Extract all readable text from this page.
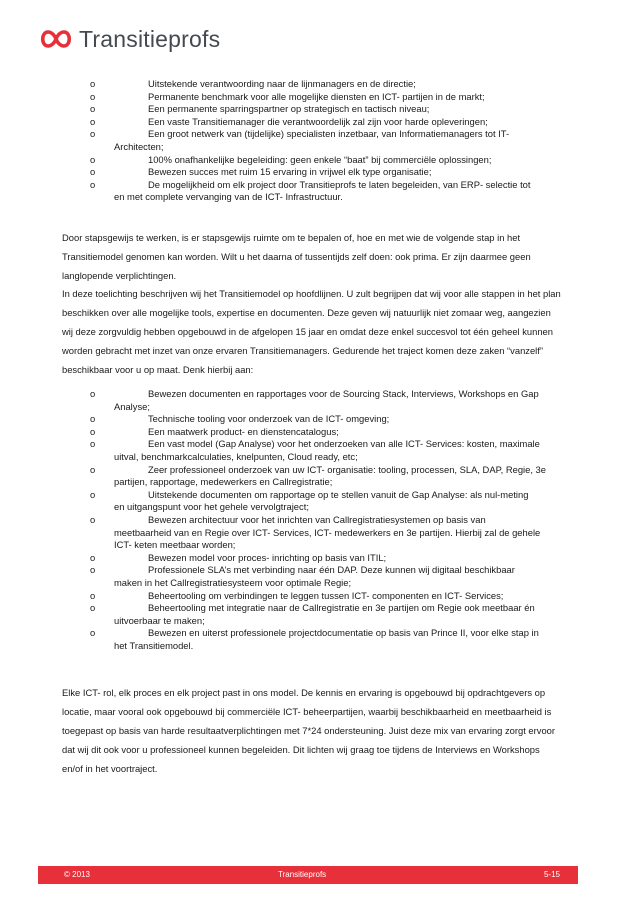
Transitieprofs
o	Uitstekende verantwoording naar de lijnmanagers en de directie;
o	Permanente benchmark voor alle mogelijke diensten en ICT- partijen in de markt;
o	Een permanente sparringspartner op strategisch en tactisch niveau;
o	Een vaste Transitiemanager die verantwoordelijk zal zijn voor harde opleveringen;
o	Een groot netwerk van (tijdelijke) specialisten inzetbaar, van Informatiemanagers tot IT-
Architecten;
o	100% onafhankelijke begeleiding: geen enkele “baat” bij commerciële oplossingen;
o	Bewezen succes met ruim 15 ervaring in vrijwel elk type organisatie;
o	De mogelijkheid om elk project door Transitieprofs te laten begeleiden, van ERP- selectie tot
en met complete vervanging van de ICT- Infrastructuur.

Door stapsgewijs te werken, is er stapsgewijs ruimte om te bepalen of, hoe en met wie de volgende stap in het Transitiemodel genomen kan worden. Wilt u het daarna of tussentijds zelf doen: ook prima. Er zijn daarmee geen langlopende verplichtingen.

In deze toelichting beschrijven wij het Transitiemodel op hoofdlijnen. U zult begrijpen dat wij voor alle stappen in het plan beschikken over alle mogelijke tools, expertise en documenten. Deze geven wij natuurlijk niet zomaar weg, aangezien wij deze zorgvuldig hebben opgebouwd in de afgelopen 15 jaar en omdat deze enkel succesvol tot één geheel kunnen worden gebracht met inzet van onze ervaren Transitiemanagers. Gedurende het traject komen deze zaken “vanzelf” beschikbaar voor u op maat. Denk hierbij aan:

o	Bewezen documenten en rapportages voor de Sourcing Stack, Interviews, Workshops en Gap
Analyse;
o	Technische tooling voor onderzoek van de ICT- omgeving;
o	Een maatwerk product- en dienstencatalogus;
o	Een vast model (Gap Analyse) voor het onderzoeken van alle ICT- Services: kosten, maximale
uitval, benchmarkcalculaties, knelpunten, Cloud ready, etc;
o	Zeer professioneel onderzoek van uw ICT- organisatie: tooling, processen, SLA, DAP, Regie, 3e
partijen, rapportage, medewerkers en Callregistratie;
o	Uitstekende documenten om rapportage op te stellen vanuit de Gap Analyse: als nul-meting
en uitgangspunt voor het gehele vervolgtraject;
o	Bewezen architectuur voor het inrichten van Callregistratiesystemen op basis van
meetbaarheid van en Regie over ICT- Services, ICT- medewerkers en 3e partijen. Hierbij zal de gehele ICT- keten meetbaar worden;
o	Bewezen model voor proces- inrichting op basis van ITIL;
o	Professionele SLA’s met verbinding naar één DAP. Deze kunnen wij digitaal beschikbaar
maken in het Callregistratiesysteem voor optimale Regie;
o	Beheertooling om verbindingen te leggen tussen ICT- componenten en ICT- Services;
o	Beheertooling met integratie naar de Callregistratie en 3e partijen om Regie ook meetbaar én
uitvoerbaar te maken;
o	Bewezen en uiterst professionele projectdocumentatie op basis van Prince II, voor elke stap in
het Transitiemodel.

Elke ICT- rol, elk proces en elk project past in ons model. De kennis en ervaring is opgebouwd bij opdrachtgevers op locatie, maar vooral ook opgebouwd bij commerciële ICT- beheerpartijen, waarbij beschikbaarheid en meetbaarheid is toegepast op basis van harde resultaatverplichtingen met 7*24 ondersteuning. Juist deze mix van ervaring zorgt ervoor dat wij dit ook voor u professioneel kunnen begeleiden. Dit lichten wij graag toe tijdens de Interviews en Workshops en/of in het voortraject.

© 2013	Transitieprofs	5-15
